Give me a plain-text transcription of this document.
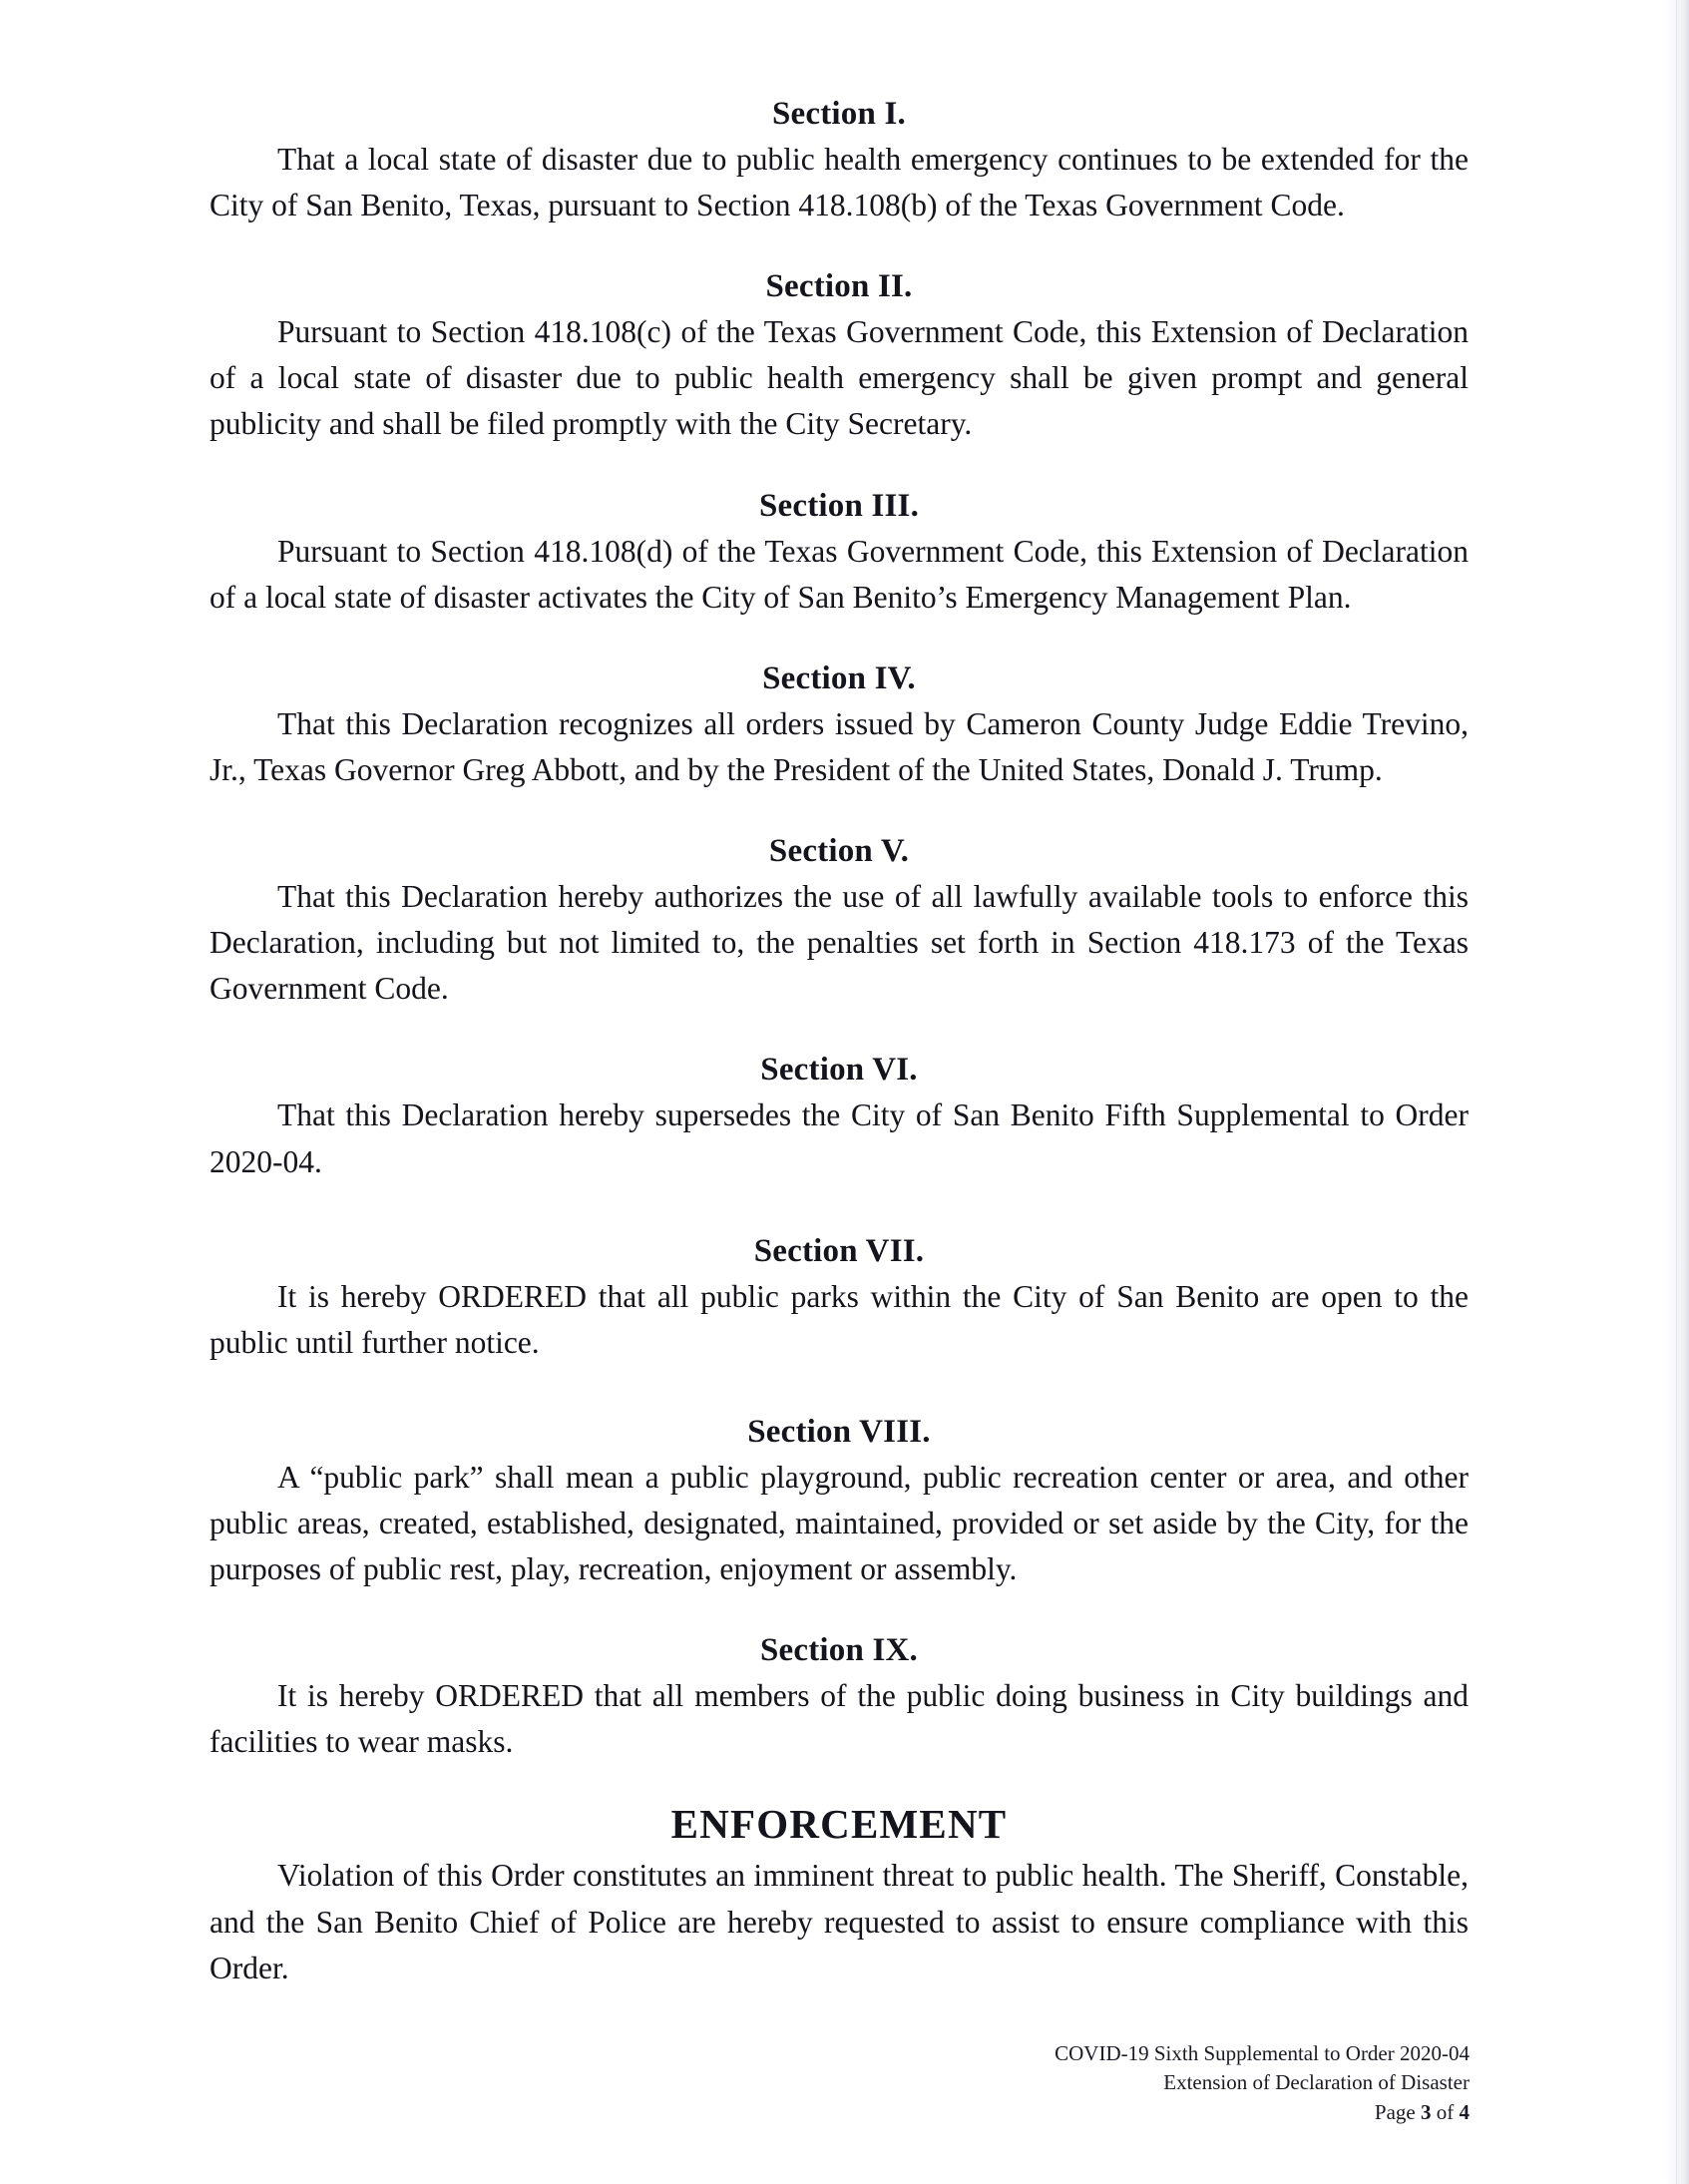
Section I.

That a local state of disaster due to public health emergency continues to be extended for the City of San Benito, Texas, pursuant to Section 418.108(b) of the Texas Government Code.

Section II.

Pursuant to Section 418.108(c) of the Texas Government Code, this Extension of Declaration of a local state of disaster due to public health emergency shall be given prompt and general publicity and shall be filed promptly with the City Secretary.

Section III.

Pursuant to Section 418.108(d) of the Texas Government Code, this Extension of Declaration of a local state of disaster activates the City of San Benito’s Emergency Management Plan.

Section IV.

That this Declaration recognizes all orders issued by Cameron County Judge Eddie Trevino, Jr., Texas Governor Greg Abbott, and by the President of the United States, Donald J. Trump.

Section V.

That this Declaration hereby authorizes the use of all lawfully available tools to enforce this Declaration, including but not limited to, the penalties set forth in Section 418.173 of the Texas Government Code.

Section VI.

That this Declaration hereby supersedes the City of San Benito Fifth Supplemental to Order 2020-04.

Section VII.

It is hereby ORDERED that all public parks within the City of San Benito are open to the public until further notice.

Section VIII.

A “public park” shall mean a public playground, public recreation center or area, and other public areas, created, established, designated, maintained, provided or set aside by the City, for the purposes of public rest, play, recreation, enjoyment or assembly.

Section IX.

It is hereby ORDERED that all members of the public doing business in City buildings and facilities to wear masks.

ENFORCEMENT

Violation of this Order constitutes an imminent threat to public health. The Sheriff, Constable, and the San Benito Chief of Police are hereby requested to assist to ensure compliance with this Order.

COVID-19 Sixth Supplemental to Order 2020-04
Extension of Declaration of Disaster
Page 3 of 4
